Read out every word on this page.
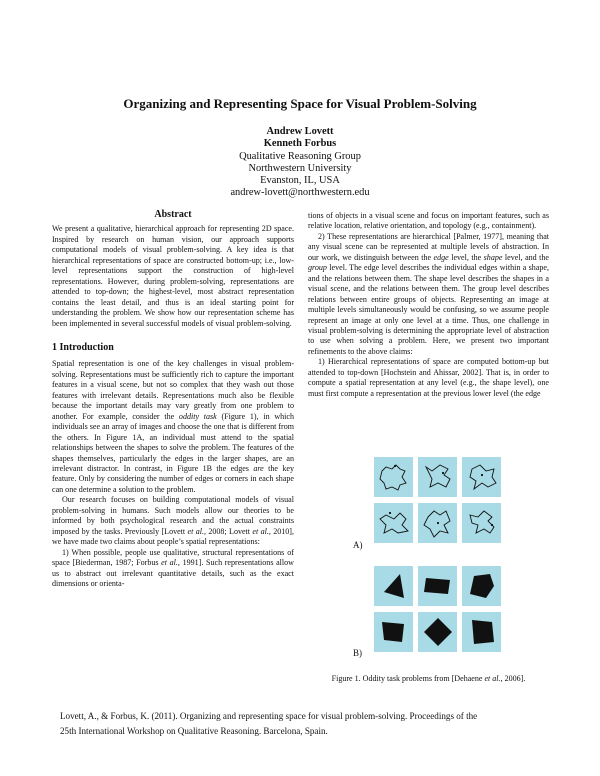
Organizing and Representing Space for Visual Problem-Solving
Andrew Lovett
Kenneth Forbus
Qualitative Reasoning Group
Northwestern University
Evanston, IL, USA
andrew-lovett@northwestern.edu
Abstract

We present a qualitative, hierarchical approach for representing 2D space. Inspired by research on human vision, our approach supports computational models of visual problem-solving. A key idea is that hierarchical representations of space are constructed bottom-up; i.e., low-level representations support the construction of high-level representations. However, during problem-solving, representations are attended to top-down; the highest-level, most abstract representation contains the least detail, and thus is an ideal starting point for understanding the problem. We show how our representation scheme has been implemented in several successful models of visual problem-solving.

1 Introduction

Spatial representation is one of the key challenges in visual problem-solving. Representations must be sufficiently rich to capture the important features in a visual scene, but not so complex that they wash out those features with irrelevant details. Representations much also be flexible because the important details may vary greatly from one problem to another. For example, consider the oddity task (Figure 1), in which individuals see an array of images and choose the one that is different from the others. In Figure 1A, an individual must attend to the spatial relationships between the shapes to solve the problem. The features of the shapes themselves, particularly the edges in the larger shapes, are an irrelevant distractor. In contrast, in Figure 1B the edges are the key feature. Only by considering the number of edges or corners in each shape can one determine a solution to the problem.

Our research focuses on building computational models of visual problem-solving in humans. Such models allow our theories to be informed by both psychological research and the actual constraints imposed by the tasks. Previously [Lovett et al., 2008; Lovett et al., 2010], we have made two claims about people’s spatial representations:

1) When possible, people use qualitative, structural representations of space [Biederman, 1987; Forbus et al., 1991]. Such representations allow us to abstract out irrelevant quantitative details, such as the exact dimensions or orienta-

tions of objects in a visual scene and focus on important features, such as relative location, relative orientation, and topology (e.g., containment).

2) These representations are hierarchical [Palmer, 1977], meaning that any visual scene can be represented at multiple levels of abstraction. In our work, we distinguish between the edge level, the shape level, and the group level. The edge level describes the individual edges within a shape, and the relations between them. The shape level describes the shapes in a visual scene, and the relations between them. The group level describes relations between entire groups of objects. Representing an image at multiple levels simultaneously would be confusing, so we assume people represent an image at only one level at a time. Thus, one challenge in visual problem-solving is determining the appropriate level of abstraction to use when solving a problem. Here, we present two important refinements to the above claims:

1) Hierarchical representations of space are computed bottom-up but attended to top-down [Hochstein and Ahissar, 2002]. That is, in order to compute a spatial representation at any level (e.g., the shape level), one must first compute a representation at the previous lower level (the edge

A)
B)
Figure 1. Oddity task problems from [Dehaene et al., 2006].
Lovett, A., & Forbus, K. (2011). Organizing and representing space for visual problem-solving. Proceedings of the
25th International Workshop on Qualitative Reasoning. Barcelona, Spain.
